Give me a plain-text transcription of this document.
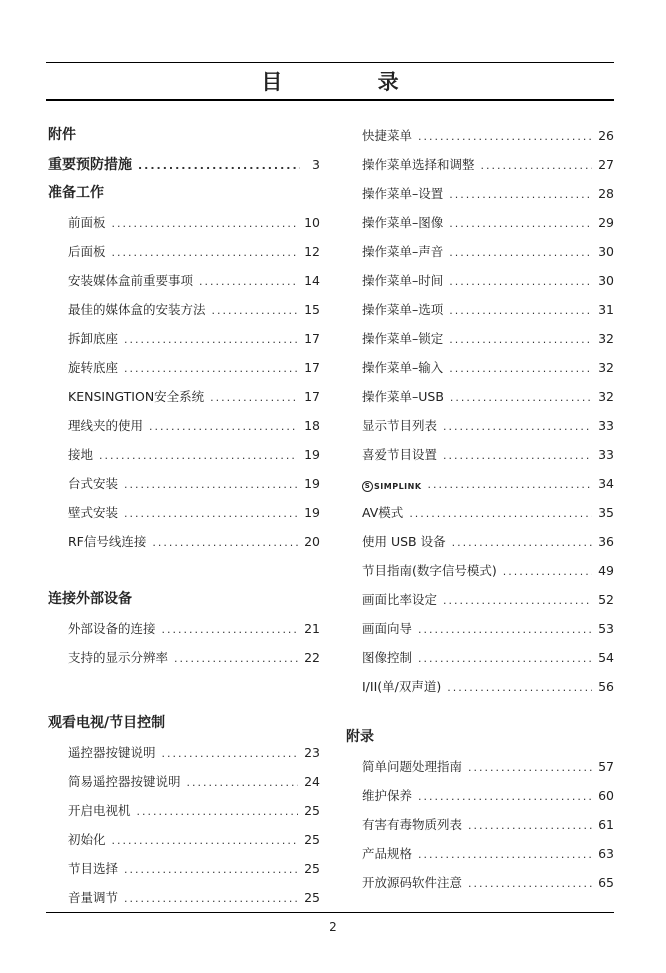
目 录
附件
重要预防措施 .....	3
准备工作
前面板 .....	10
后面板 .....	12
安装媒体盒前重要事项 .....	14
最佳的媒体盒的安装方法 .....	15
拆卸底座 .....	17
旋转底座 .....	17
KENSINGTION安全系统 .....	17
理线夹的使用 .....	18
接地 .....	19
台式安装 .....	19
壁式安装 .....	19
RF信号线连接 .....	20
连接外部设备
外部设备的连接 .....	21
支持的显示分辨率 .....	22
观看电视/节目控制
遥控器按键说明 .....	23
简易遥控器按键说明 .....	24
开启电视机 .....	25
初始化 .....	25
节目选择 .....	25
音量调节 .....	25
快捷菜单 .....	26
操作菜单选择和调整 .....	27
操作菜单–设置 .....	28
操作菜单–图像 .....	29
操作菜单–声音 .....	30
操作菜单–时间 .....	30
操作菜单–选项 .....	31
操作菜单–锁定 .....	32
操作菜单–输入 .....	32
操作菜单–USB .....	32
显示节目列表 .....	33
喜爱节目设置 .....	33
S SIMPLINK .....	34
AV模式 .....	35
使用 USB 设备 .....	36
节目指南(数字信号模式) .....	49
画面比率设定 .....	52
画面向导 .....	53
图像控制 .....	54
I/II(单/双声道) .....	56
附录
简单问题处理指南 .....	57
维护保养 .....	60
有害有毒物质列表 .....	61
产品规格 .....	63
开放源码软件注意 .....	65
2
